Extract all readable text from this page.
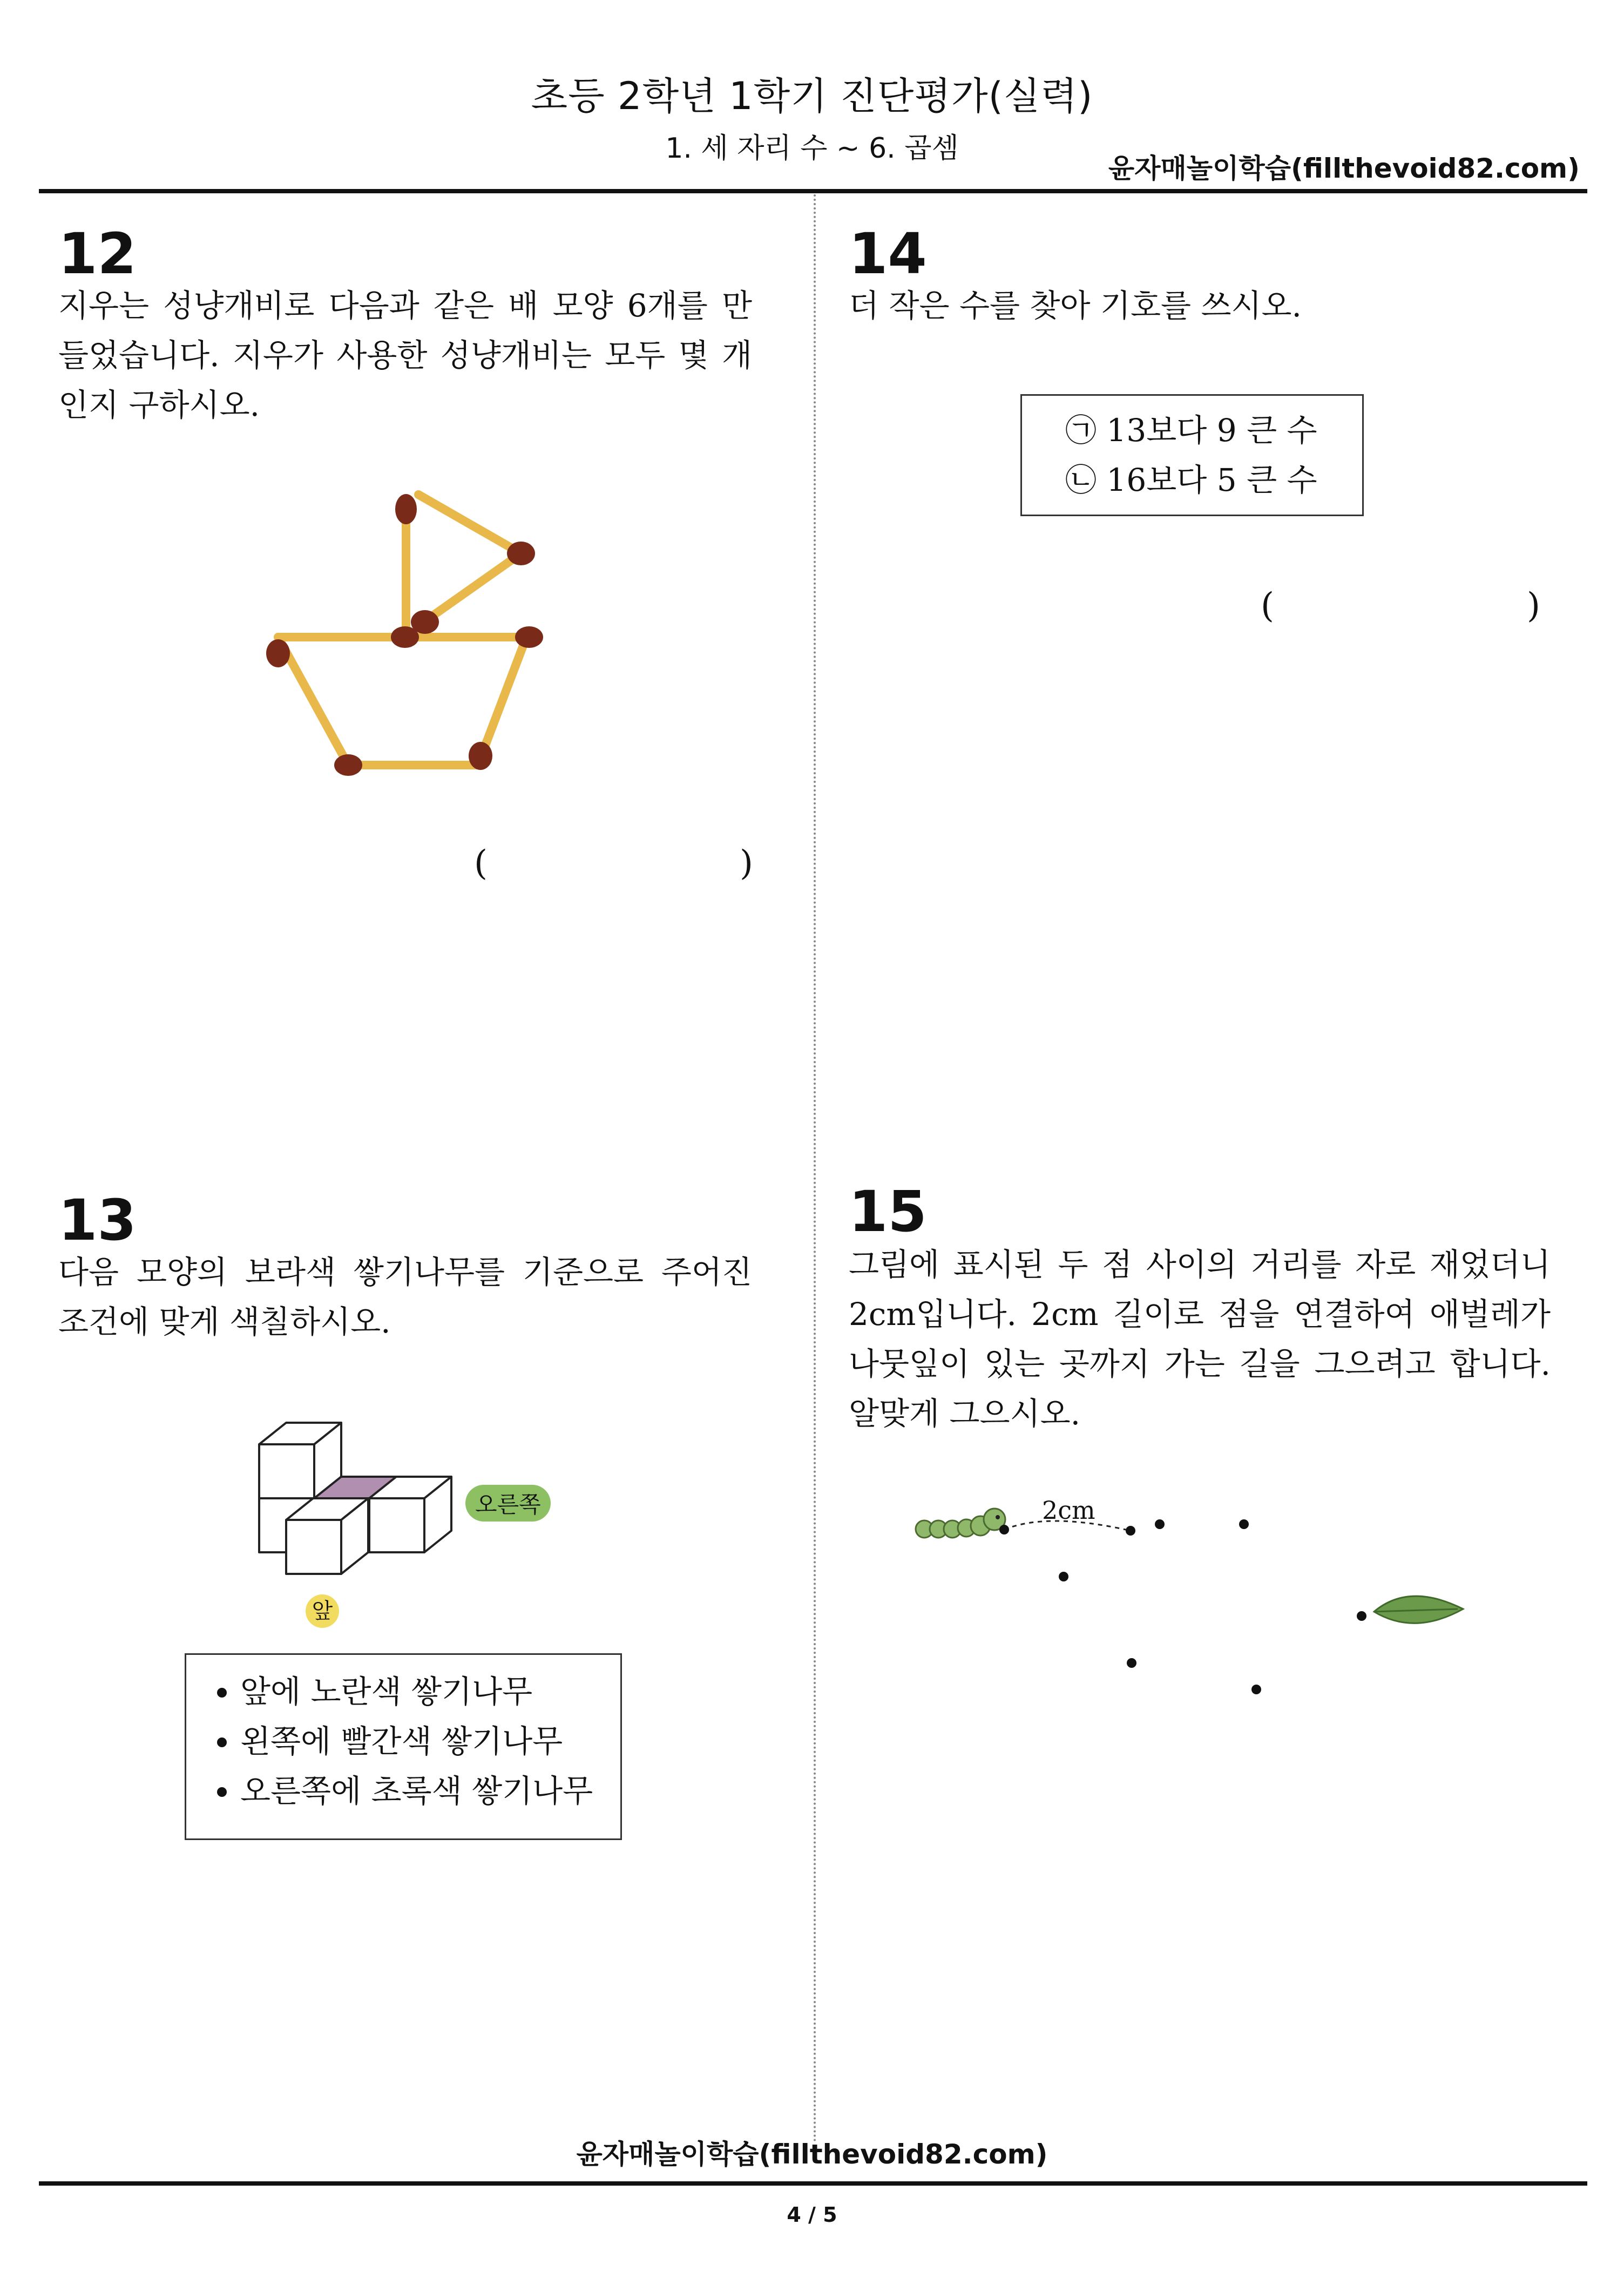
초등 2학년 1학기 진단평가(실력)
1. 세 자리 수 ~ 6. 곱셈
윤자매놀이학습(fillthevoid82.com)
12
지우는 성냥개비로 다음과 같은 배 모양 6개를 만들었습니다. 지우가 사용한 성냥개비는 모두 몇 개인지 구하시오.
(	)
13
다음 모양의 보라색 쌓기나무를 기준으로 주어진 조건에 맞게 색칠하시오.
오른쪽
앞
• 앞에 노란색 쌓기나무
• 왼쪽에 빨간색 쌓기나무
• 오른쪽에 초록색 쌓기나무
14
더 작은 수를 찾아 기호를 쓰시오.
㉠ 13보다 9 큰 수
㉡ 16보다 5 큰 수
(	)
15
그림에 표시된 두 점 사이의 거리를 자로 재었더니 2cm입니다. 2cm 길이로 점을 연결하여 애벌레가 나뭇잎이 있는 곳까지 가는 길을 그으려고 합니다. 알맞게 그으시오.
2cm
윤자매놀이학습(fillthevoid82.com)
4 / 5
